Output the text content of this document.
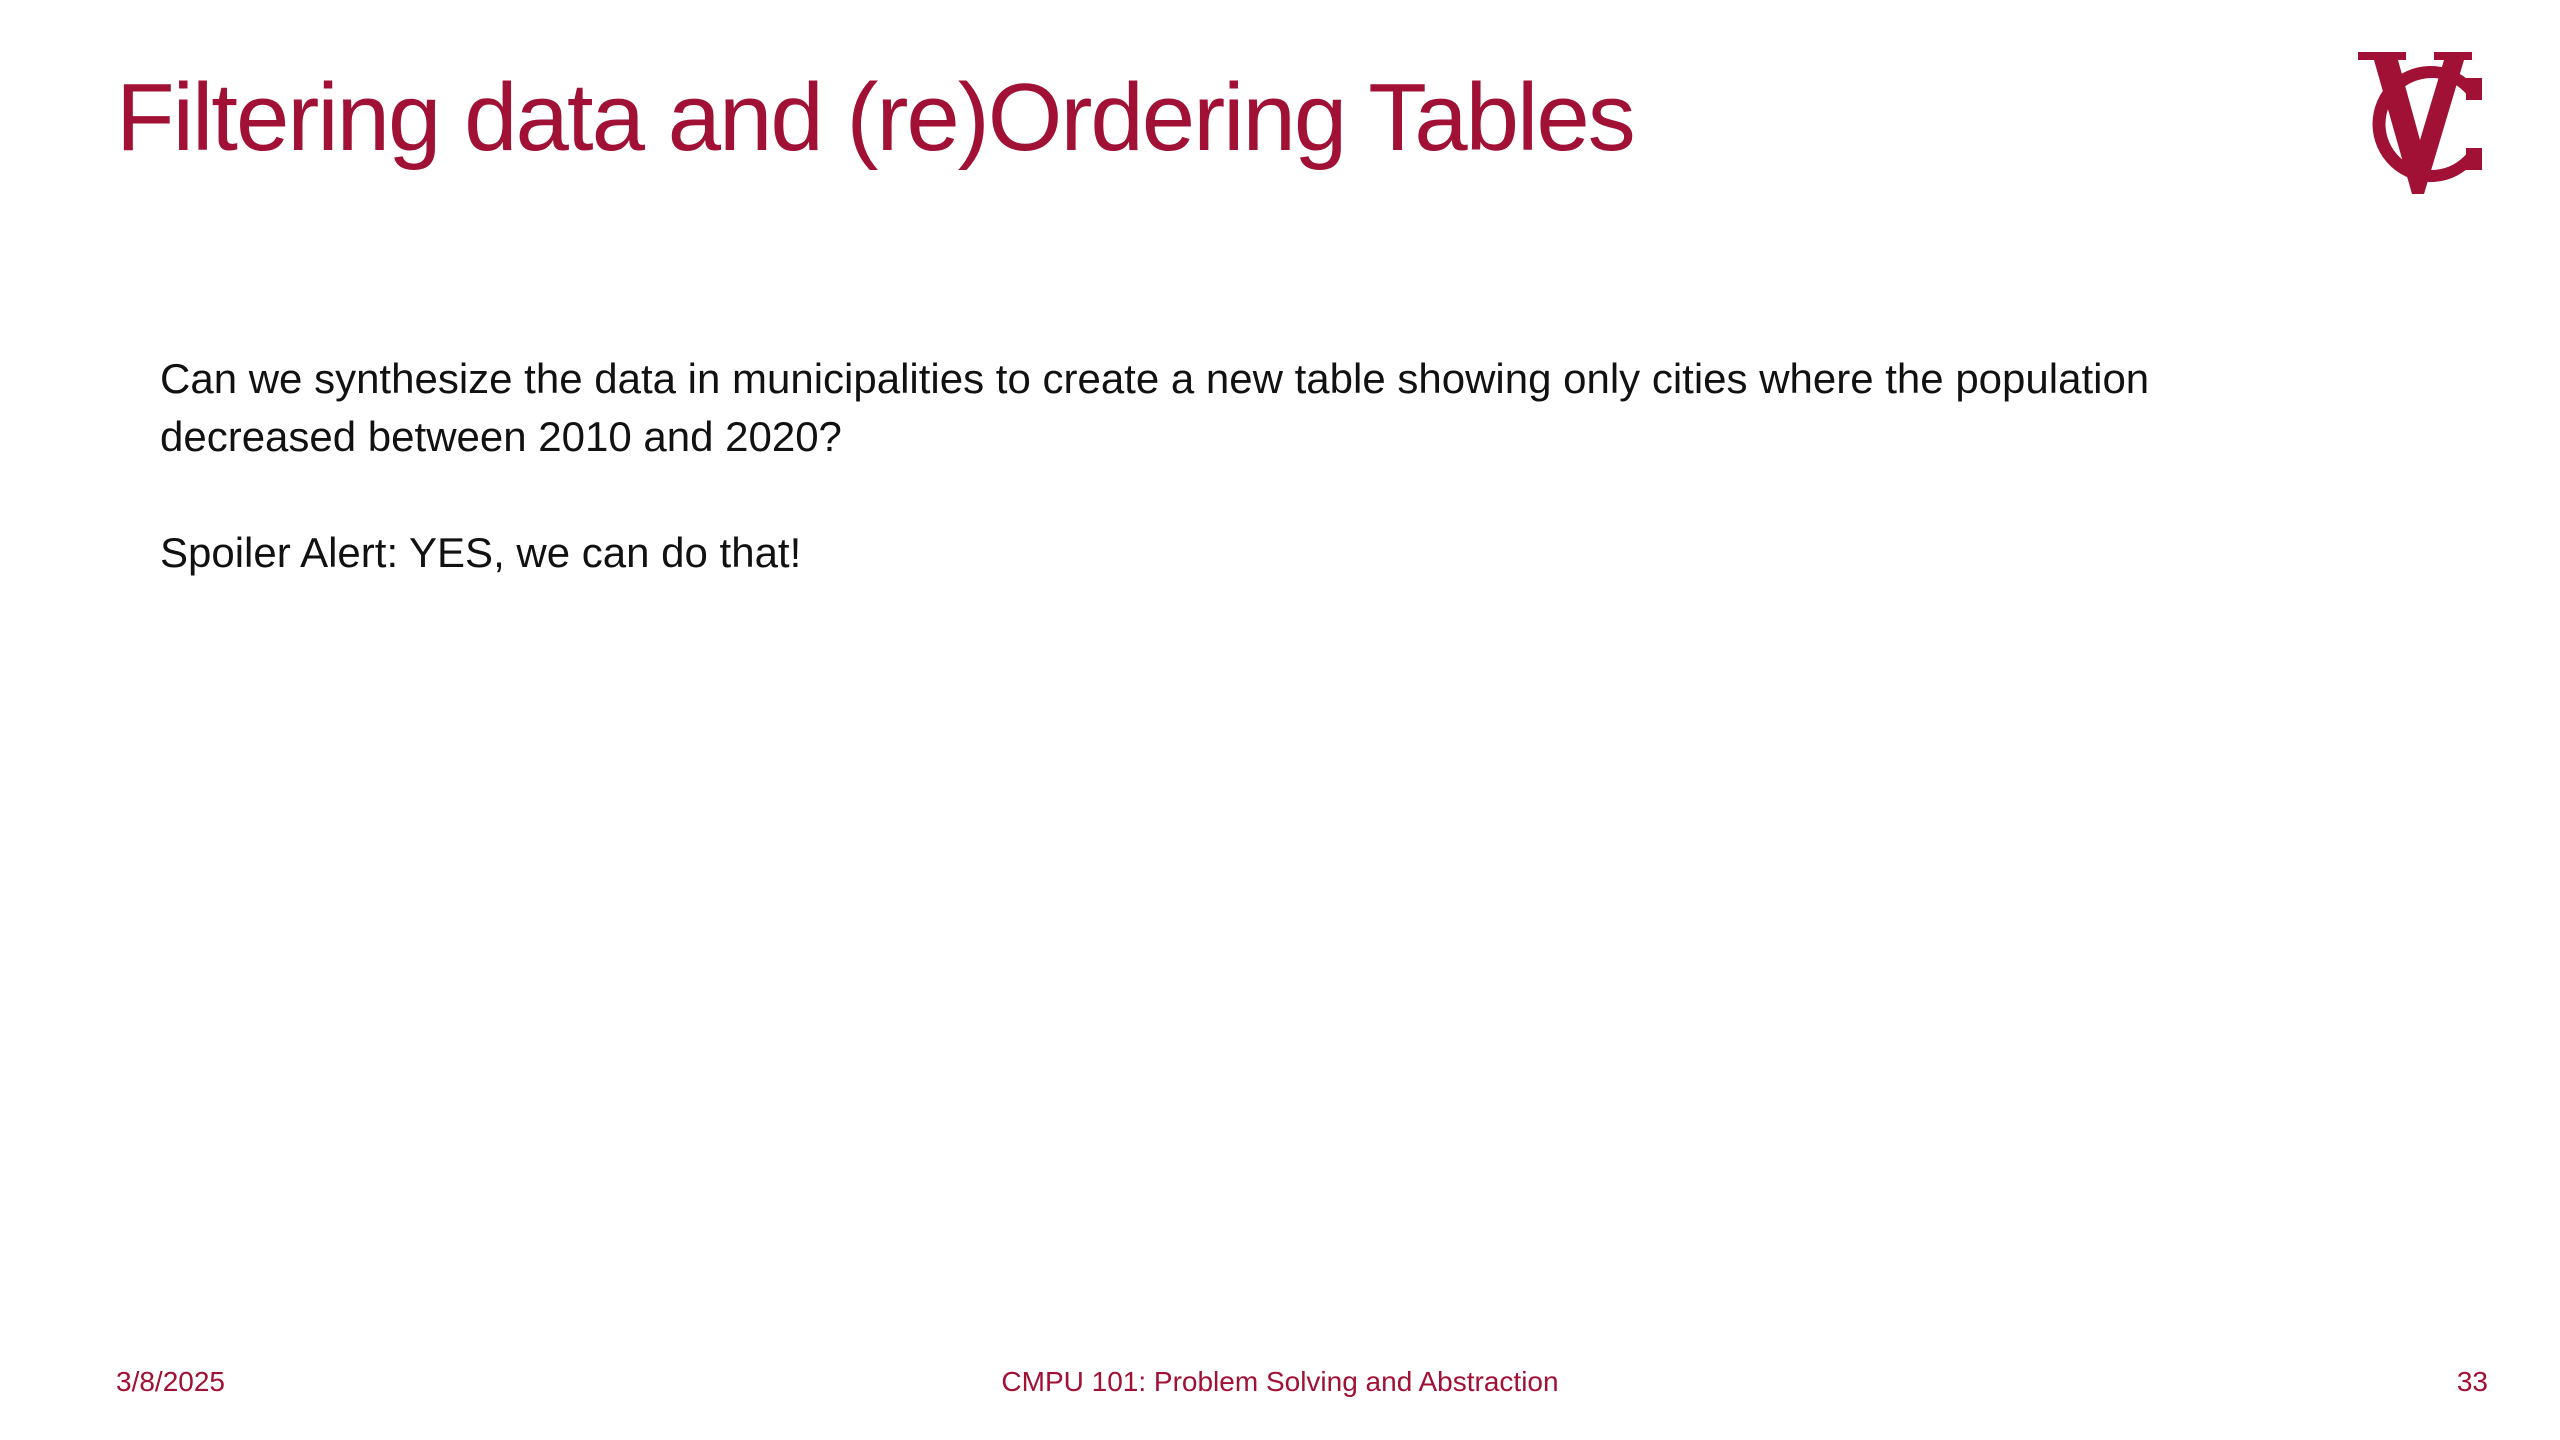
Filtering data and (re)Ordering Tables

Can we synthesize the data in municipalities to create a new table showing only cities where the population decreased between 2010 and 2020?

Spoiler Alert: YES, we can do that!

3/8/2025	CMPU 101: Problem Solving and Abstraction	33
